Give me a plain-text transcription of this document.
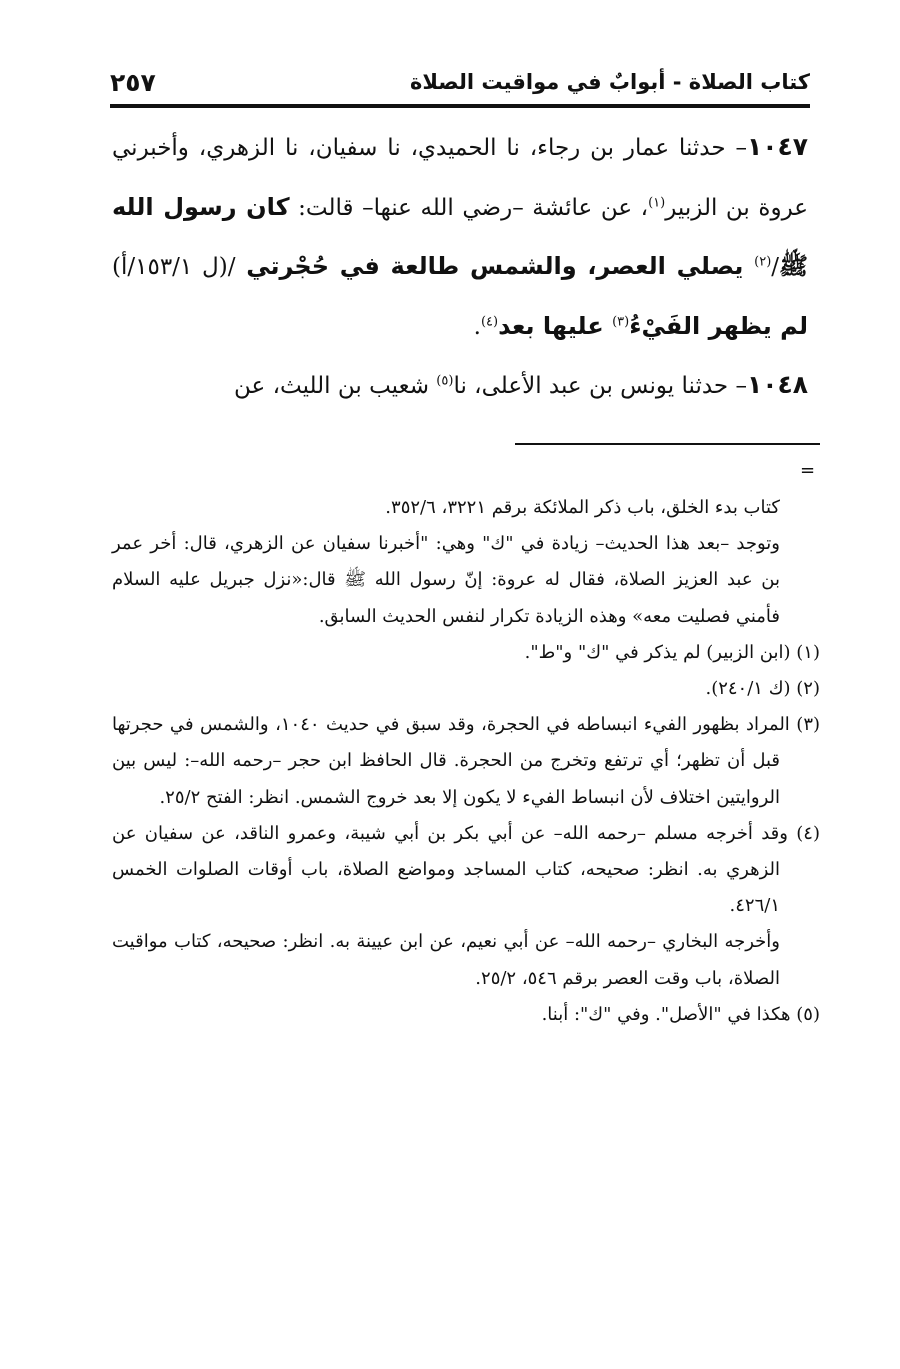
كتاب الصلاة - أبوابٌ في مواقيت الصلاة
٢٥٧

١٠٤٧– حدثنا عمار بن رجاء، نا الحميدي، نا سفيان، نا الزهري، وأخبرني عروة بن الزبير$^{(١)}$، عن عائشة –رضي الله عنها– قالت: كان رسول الله ﷺ/$^{(٢)}$ يصلي العصر، والشمس طالعة في حُجْرتي /(ل ١٥٣/١/أ) لم يظهر الفَيْءُ$^{(٣)}$ عليها بعد$^{(٤)}$.

١٠٤٨– حدثنا يونس بن عبد الأعلى، نا$^{(٥)}$ شعيب بن الليث، عن

=

كتاب بدء الخلق، باب ذكر الملائكة برقم ٣٢٢١، ٣٥٢/٦.

وتوجد –بعد هذا الحديث– زيادة في "ك" وهي: "أخبرنا سفيان عن الزهري، قال: أخر عمر بن عبد العزيز الصلاة، فقال له عروة: إنّ رسول الله ﷺ قال:«نزل جبريل عليه السلام فأمني فصليت معه» وهذه الزيادة تكرار لنفس الحديث السابق.

(١) (ابن الزبير) لم يذكر في "ك" و"ط".

(٢) (ك ٢٤٠/١).

(٣) المراد بظهور الفيء انبساطه في الحجرة، وقد سبق في حديث ١٠٤٠، والشمس في حجرتها قبل أن تظهر؛ أي ترتفع وتخرج من الحجرة. قال الحافظ ابن حجر –رحمه الله–: ليس بين الروايتين اختلاف لأن انبساط الفيء لا يكون إلا بعد خروج الشمس. انظر: الفتح ٢٥/٢.

(٤) وقد أخرجه مسلم –رحمه الله– عن أبي بكر بن أبي شيبة، وعمرو الناقد، عن سفيان عن الزهري به. انظر: صحيحه، كتاب المساجد ومواضع الصلاة، باب أوقات الصلوات الخمس ٤٢٦/١.

وأخرجه البخاري –رحمه الله– عن أبي نعيم، عن ابن عيينة به. انظر: صحيحه، كتاب مواقيت الصلاة، باب وقت العصر برقم ٥٤٦، ٢٥/٢.

(٥) هكذا في "الأصل". وفي "ك": أبنا.
